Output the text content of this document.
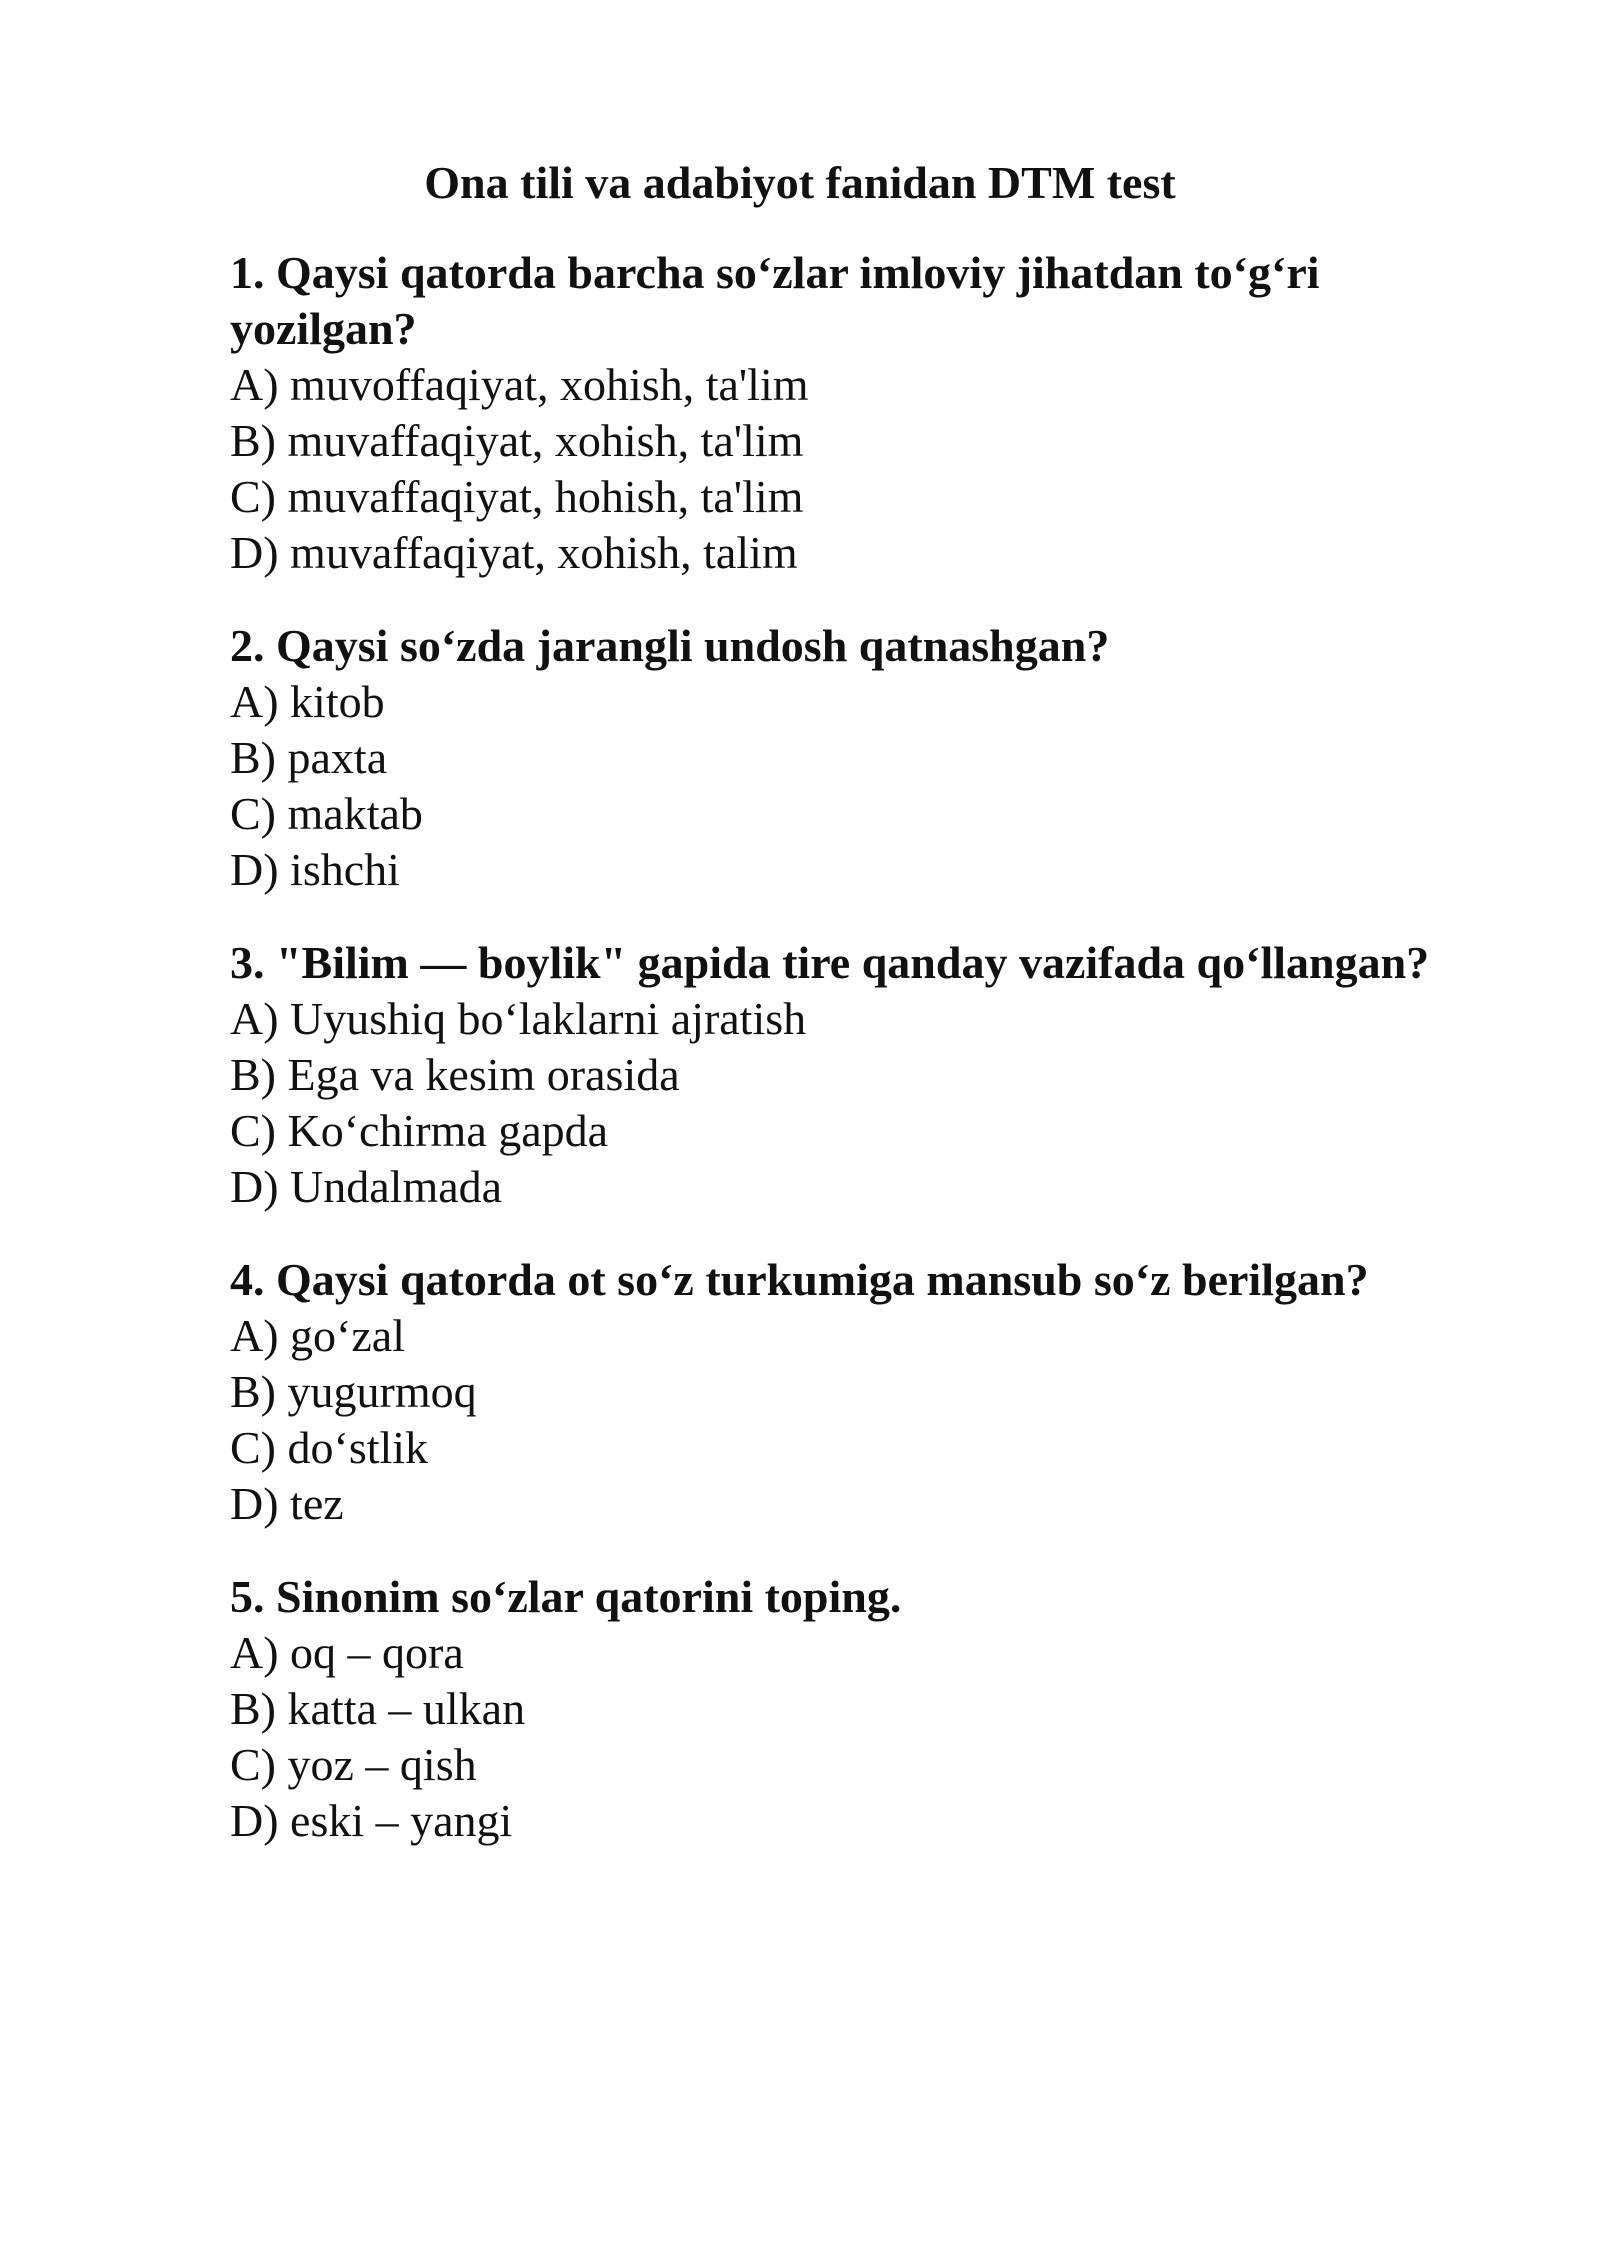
Ona tili va adabiyot fanidan DTM test

1. Qaysi qatorda barcha so‘zlar imloviy jihatdan to‘g‘ri yozilgan?

A) muvoffaqiyat, xohish, ta'lim
B) muvaffaqiyat, xohish, ta'lim
C) muvaffaqiyat, hohish, ta'lim
D) muvaffaqiyat, xohish, talim

2. Qaysi so‘zda jarangli undosh qatnashgan?

A) kitob
B) paxta
C) maktab
D) ishchi

3. "Bilim — boylik" gapida tire qanday vazifada qo‘llangan?

A) Uyushiq bo‘laklarni ajratish
B) Ega va kesim orasida
C) Ko‘chirma gapda
D) Undalmada

4. Qaysi qatorda ot so‘z turkumiga mansub so‘z berilgan?

A) go‘zal
B) yugurmoq
C) do‘stlik
D) tez

5. Sinonim so‘zlar qatorini toping.

A) oq – qora
B) katta – ulkan
C) yoz – qish
D) eski – yangi
